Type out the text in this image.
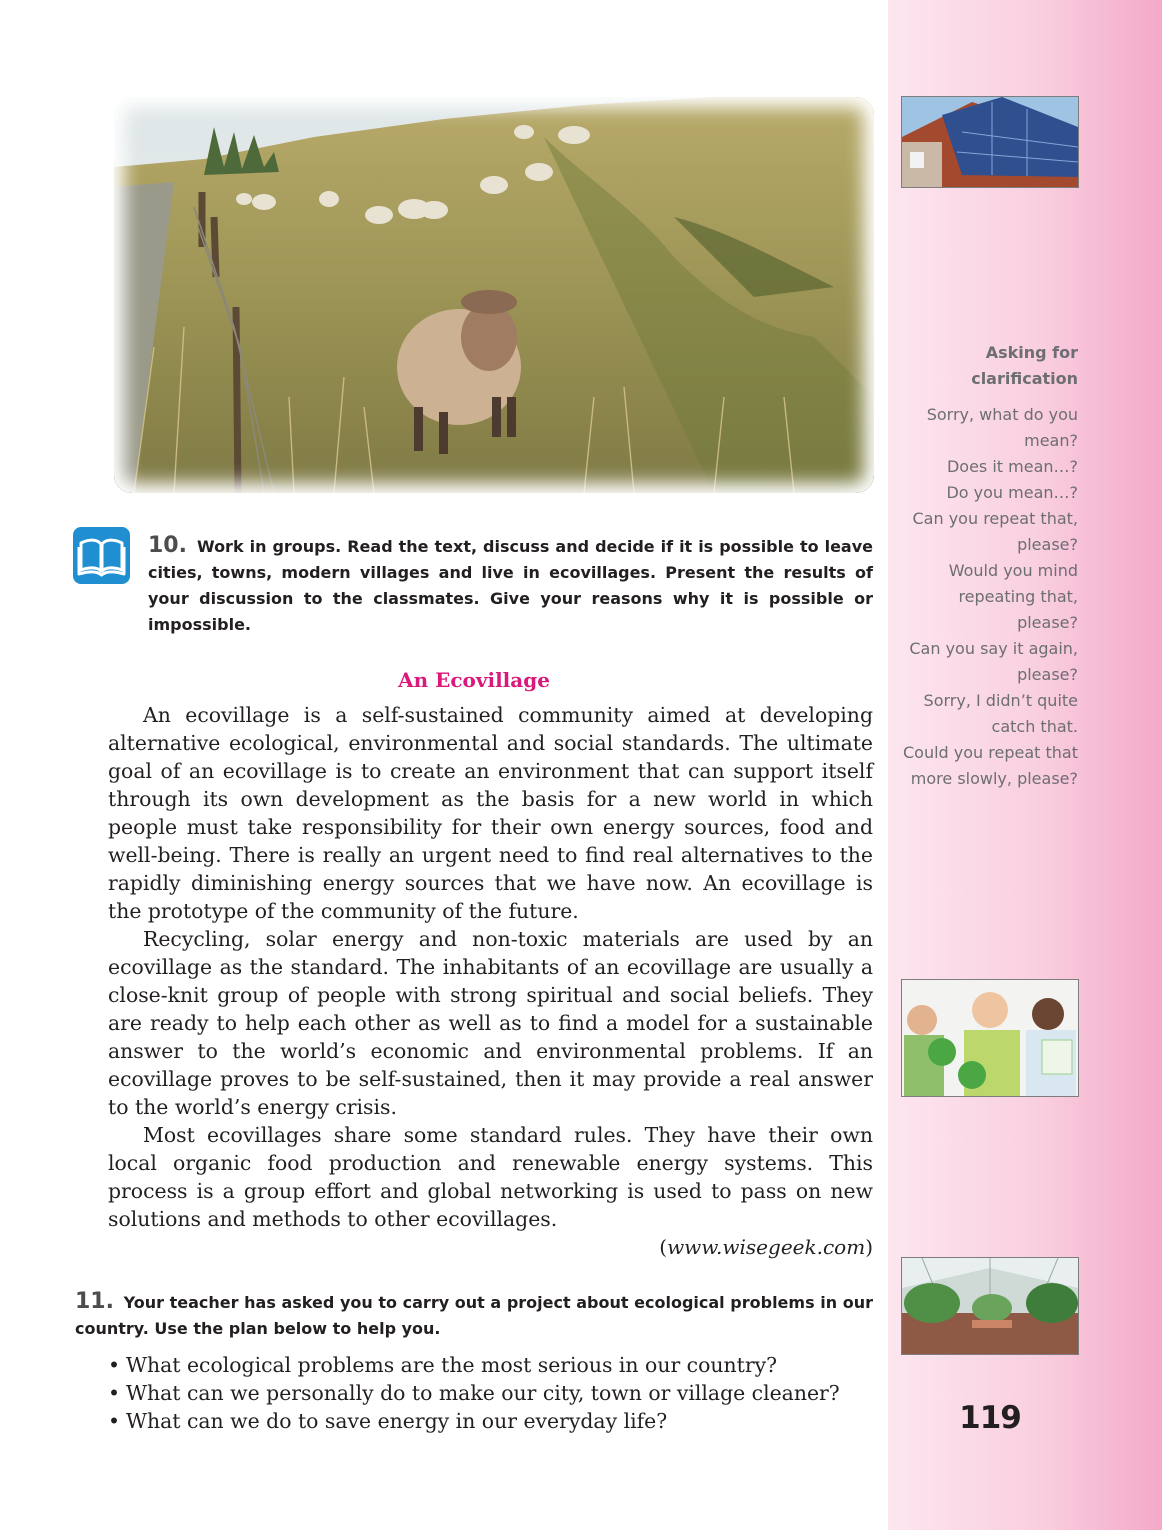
Asking for clarification
Sorry, what do you mean?
Does it mean…?
Do you mean…?
Can you repeat that, please?
Would you mind repeating that, please?
Can you say it again, please?
Sorry, I didn’t quite catch that.
Could you repeat that more slowly, please?
119
10. Work in groups. Read the text, discuss and decide if it is possible to leave cities, towns, modern villages and live in ecovillages. Present the results of your discussion to the classmates. Give your reasons why it is possible or impossible.
An Ecovillage

An ecovillage is a self-sustained community aimed at developing alternative ecological, environmental and social standards. The ultimate goal of an ecovillage is to create an environment that can support itself through its own development as the basis for a new world in which people must take responsibility for their own energy sources, food and well-being. There is really an urgent need to find real alternatives to the rapidly diminishing energy sources that we have now. An ecovillage is the prototype of the community of the future.

Recycling, solar energy and non-toxic materials are used by an ecovillage as the standard. The inhabitants of an ecovillage are usually a close-knit group of people with strong spiritual and social beliefs. They are ready to help each other as well as to find a model for a sustainable answer to the world’s economic and environmental problems. If an ecovillage proves to be self-sustained, then it may provide a real answer to the world’s energy crisis.

Most ecovillages share some standard rules. They have their own local organic food production and renewable energy systems. This process is a group effort and global networking is used to pass on new solutions and methods to other ecovillages.

(www.wisegeek.com)
11. Your teacher has asked you to carry out a project about ecological problems in our country. Use the plan below to help you.
• What ecological problems are the most serious in our country?
• What can we personally do to make our city, town or village cleaner?
• What can we do to save energy in our everyday life?
